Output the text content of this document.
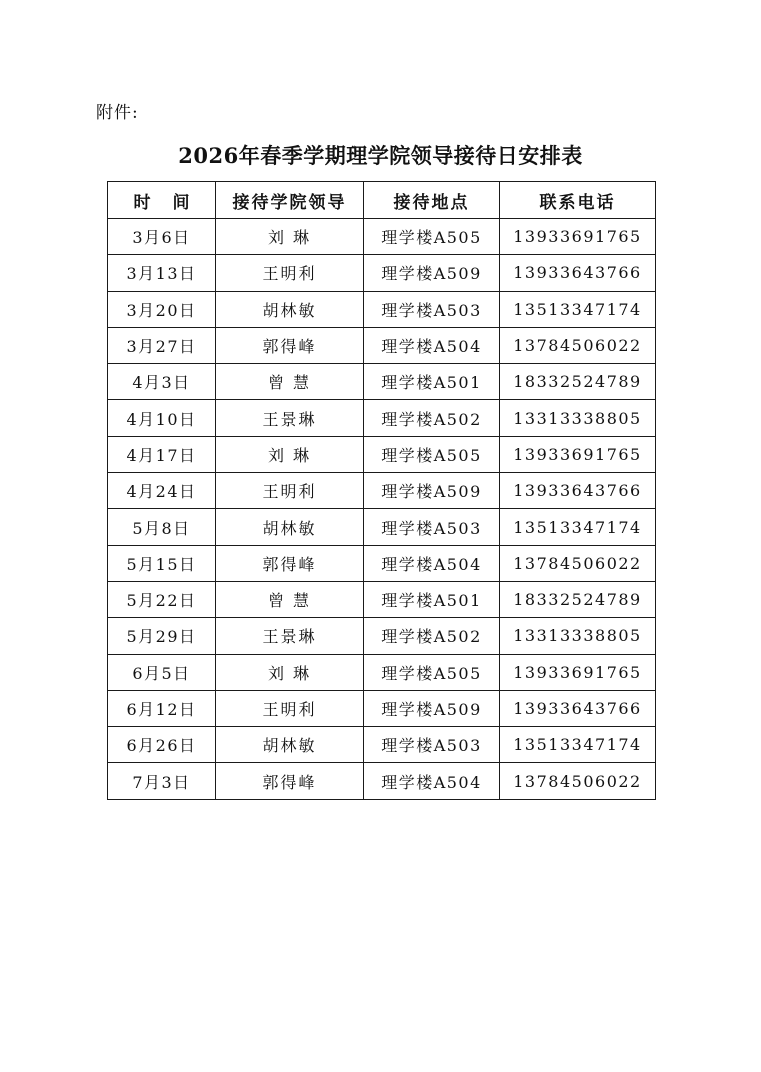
附件:
2026年春季学期理学院领导接待日安排表
时间	接待学院领导	接待地点	联系电话
3月6日	刘 琳	理学楼A505	13933691765
3月13日	王明利	理学楼A509	13933643766
3月20日	胡林敏	理学楼A503	13513347174
3月27日	郭得峰	理学楼A504	13784506022
4月3日	曾 慧	理学楼A501	18332524789
4月10日	王景琳	理学楼A502	13313338805
4月17日	刘 琳	理学楼A505	13933691765
4月24日	王明利	理学楼A509	13933643766
5月8日	胡林敏	理学楼A503	13513347174
5月15日	郭得峰	理学楼A504	13784506022
5月22日	曾 慧	理学楼A501	18332524789
5月29日	王景琳	理学楼A502	13313338805
6月5日	刘 琳	理学楼A505	13933691765
6月12日	王明利	理学楼A509	13933643766
6月26日	胡林敏	理学楼A503	13513347174
7月3日	郭得峰	理学楼A504	13784506022
